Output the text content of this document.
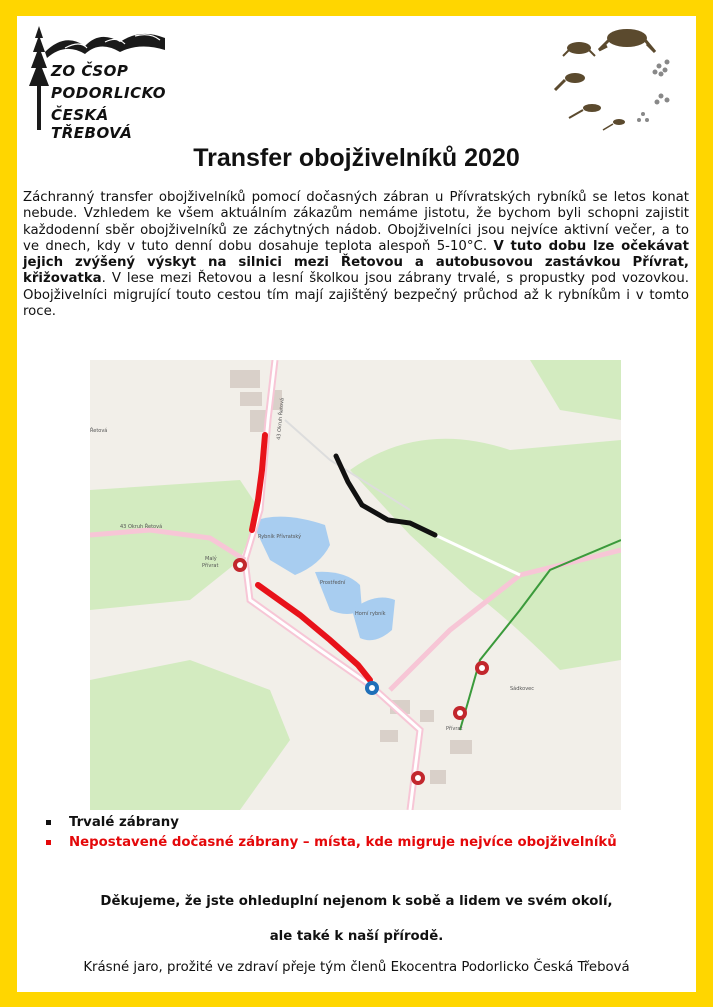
ZO ČSOP
PODORLICKO
ČESKÁ TŘEBOVÁ
Transfer obojživelníků 2020

Záchranný transfer obojživelníků pomocí dočasných zábran u Přívratských rybníků se letos konat nebude. Vzhledem ke všem aktuálním zákazům nemáme jistotu, že bychom byli schopni zajistit každodenní sběr obojživelníků ze záchytných nádob. Obojživelníci jsou nejvíce aktivní večer, a to ve dnech, kdy v tuto denní dobu dosahuje teplota alespoň 5-10°C. V tuto dobu lze očekávat jejich zvýšený výskyt na silnici mezi Řetovou a autobusovou zastávkou Přívrat, křižovatka. V lese mezi Řetovou a lesní školkou jsou zábrany trvalé, s propustky pod vozovkou. Obojživelníci migrující touto cestou tím mají zajištěný bezpečný průchod až k rybníkům i v tomto roce.

43 Okruh Řetová
43 Okruh Řetová
Malý
Přívrat
Přívrat
Řetová
Sádkovec
Rybník Přívratský
Prostřední
Horní rybník
Trvalé zábrany
Nepostavené dočasné zábrany – místa, kde migruje nejvíce obojživelníků
Děkujeme, že jste ohleduplní nejenom k sobě a lidem ve svém okolí,
ale také k naší přírodě.
Krásné jaro, prožité ve zdraví přeje tým členů Ekocentra Podorlicko Česká Třebová
